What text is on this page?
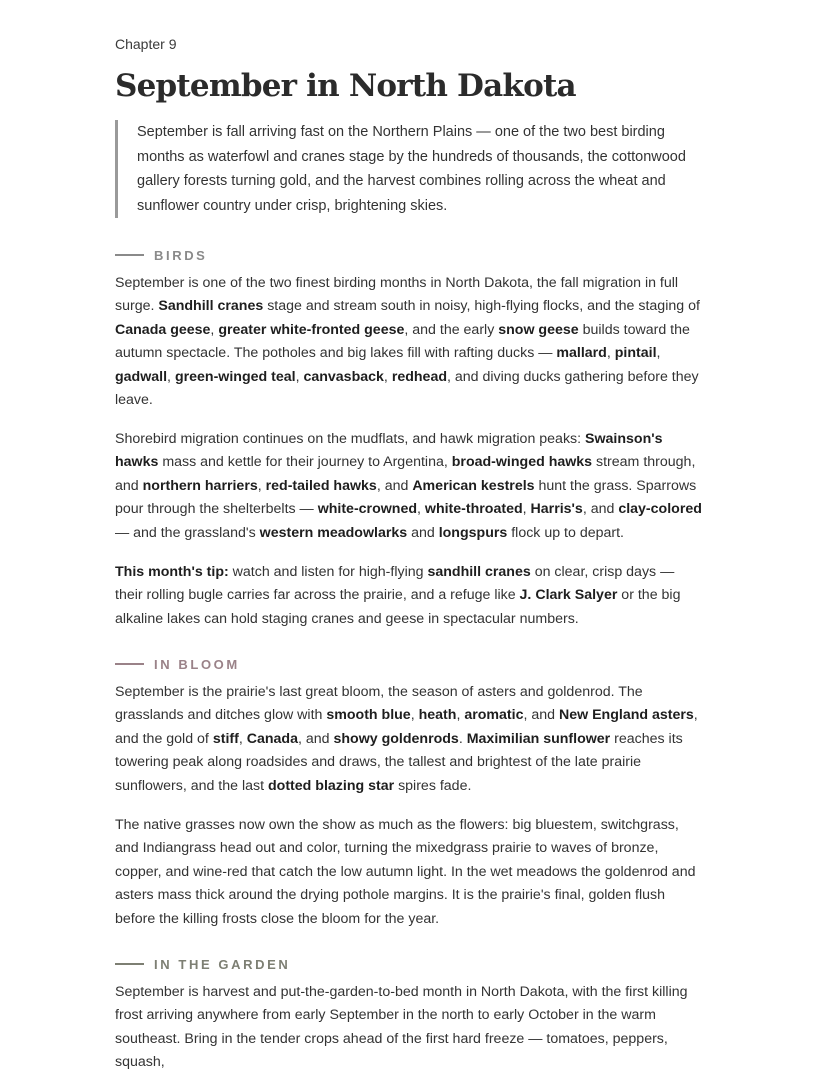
Chapter 9

September in North Dakota

September is fall arriving fast on the Northern Plains — one of the two best birding months as waterfowl and cranes stage by the hundreds of thousands, the cottonwood gallery forests turning gold, and the harvest combines rolling across the wheat and sunflower country under crisp, brightening skies.

BIRDS

September is one of the two finest birding months in North Dakota, the fall migration in full surge. Sandhill cranes stage and stream south in noisy, high-flying flocks, and the staging of Canada geese, greater white-fronted geese, and the early snow geese builds toward the autumn spectacle. The potholes and big lakes fill with rafting ducks — mallard, pintail, gadwall, green-winged teal, canvasback, redhead, and diving ducks gathering before they leave.

Shorebird migration continues on the mudflats, and hawk migration peaks: Swainson's hawks mass and kettle for their journey to Argentina, broad-winged hawks stream through, and northern harriers, red-tailed hawks, and American kestrels hunt the grass. Sparrows pour through the shelterbelts — white-crowned, white-throated, Harris's, and clay-colored — and the grassland's western meadowlarks and longspurs flock up to depart.

This month's tip: watch and listen for high-flying sandhill cranes on clear, crisp days — their rolling bugle carries far across the prairie, and a refuge like J. Clark Salyer or the big alkaline lakes can hold staging cranes and geese in spectacular numbers.

IN BLOOM

September is the prairie's last great bloom, the season of asters and goldenrod. The grasslands and ditches glow with smooth blue, heath, aromatic, and New England asters, and the gold of stiff, Canada, and showy goldenrods. Maximilian sunflower reaches its towering peak along roadsides and draws, the tallest and brightest of the late prairie sunflowers, and the last dotted blazing star spires fade.

The native grasses now own the show as much as the flowers: big bluestem, switchgrass, and Indiangrass head out and color, turning the mixedgrass prairie to waves of bronze, copper, and wine-red that catch the low autumn light. In the wet meadows the goldenrod and asters mass thick around the drying pothole margins. It is the prairie's final, golden flush before the killing frosts close the bloom for the year.

IN THE GARDEN

September is harvest and put-the-garden-to-bed month in North Dakota, with the first killing frost arriving anywhere from early September in the north to early October in the warm southeast. Bring in the tender crops ahead of the first hard freeze — tomatoes, peppers, squash,
